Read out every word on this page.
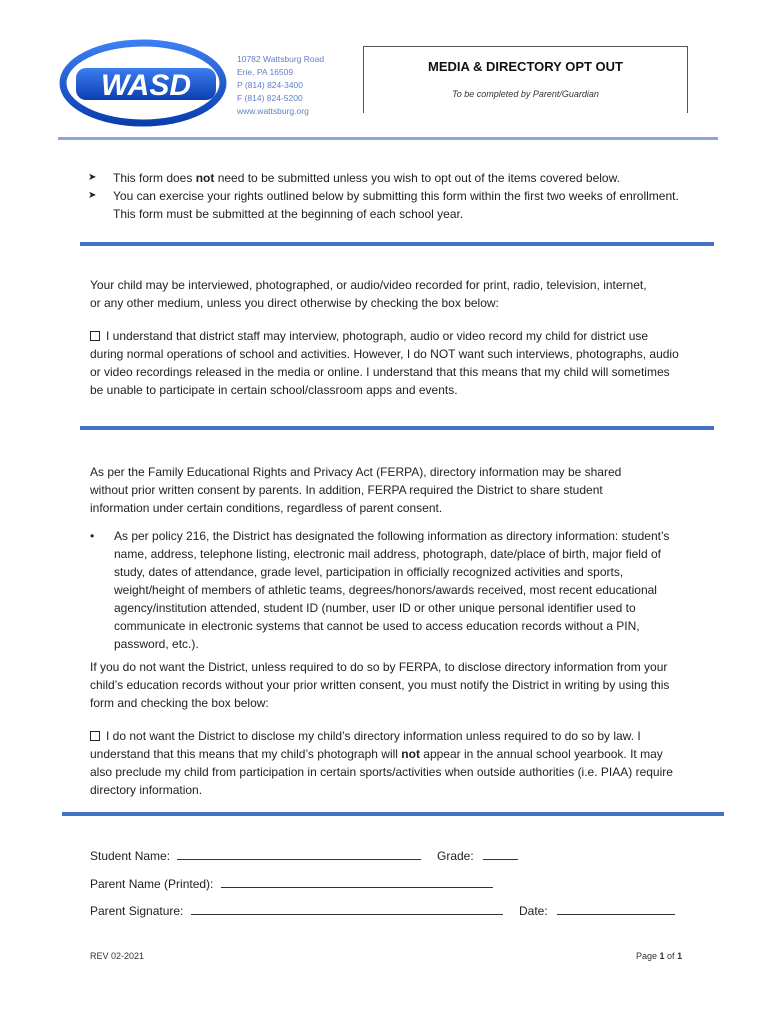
WASD
10782 Wattsburg Road
Erie, PA 16509
P (814) 824-3400
F (814) 824-5200
www.wattsburg.org
MEDIA & DIRECTORY OPT OUT
To be completed by Parent/Guardian
➤ This form does not need to be submitted unless you wish to opt out of the items covered below.
➤ You can exercise your rights outlined below by submitting this form within the first two weeks of enrollment. This form must be submitted at the beginning of each school year.
Your child may be interviewed, photographed, or audio/video recorded for print, radio, television, internet, or any other medium, unless you direct otherwise by checking the box below:
I understand that district staff may interview, photograph, audio or video record my child for district use during normal operations of school and activities. However, I do NOT want such interviews, photographs, audio or video recordings released in the media or online. I understand that this means that my child will sometimes be unable to participate in certain school/classroom apps and events.
As per the Family Educational Rights and Privacy Act (FERPA), directory information may be shared without prior written consent by parents. In addition, FERPA required the District to share student information under certain conditions, regardless of parent consent.
• As per policy 216, the District has designated the following information as directory information: student’s name, address, telephone listing, electronic mail address, photograph, date/place of birth, major field of study, dates of attendance, grade level, participation in officially recognized activities and sports, weight/height of members of athletic teams, degrees/honors/awards received, most recent educational agency/institution attended, student ID (number, user ID or other unique personal identifier used to communicate in electronic systems that cannot be used to access education records without a PIN, password, etc.).
If you do not want the District, unless required to do so by FERPA, to disclose directory information from your child’s education records without your prior written consent, you must notify the District in writing by using this form and checking the box below:
I do not want the District to disclose my child’s directory information unless required to do so by law. I understand that this means that my child’s photograph will not appear in the annual school yearbook. It may also preclude my child from participation in certain sports/activities when outside authorities (i.e. PIAA) require directory information.
Student Name:	Grade:
Parent Name (Printed):
Parent Signature:	Date:
REV 02-2021	Page 1 of 1
